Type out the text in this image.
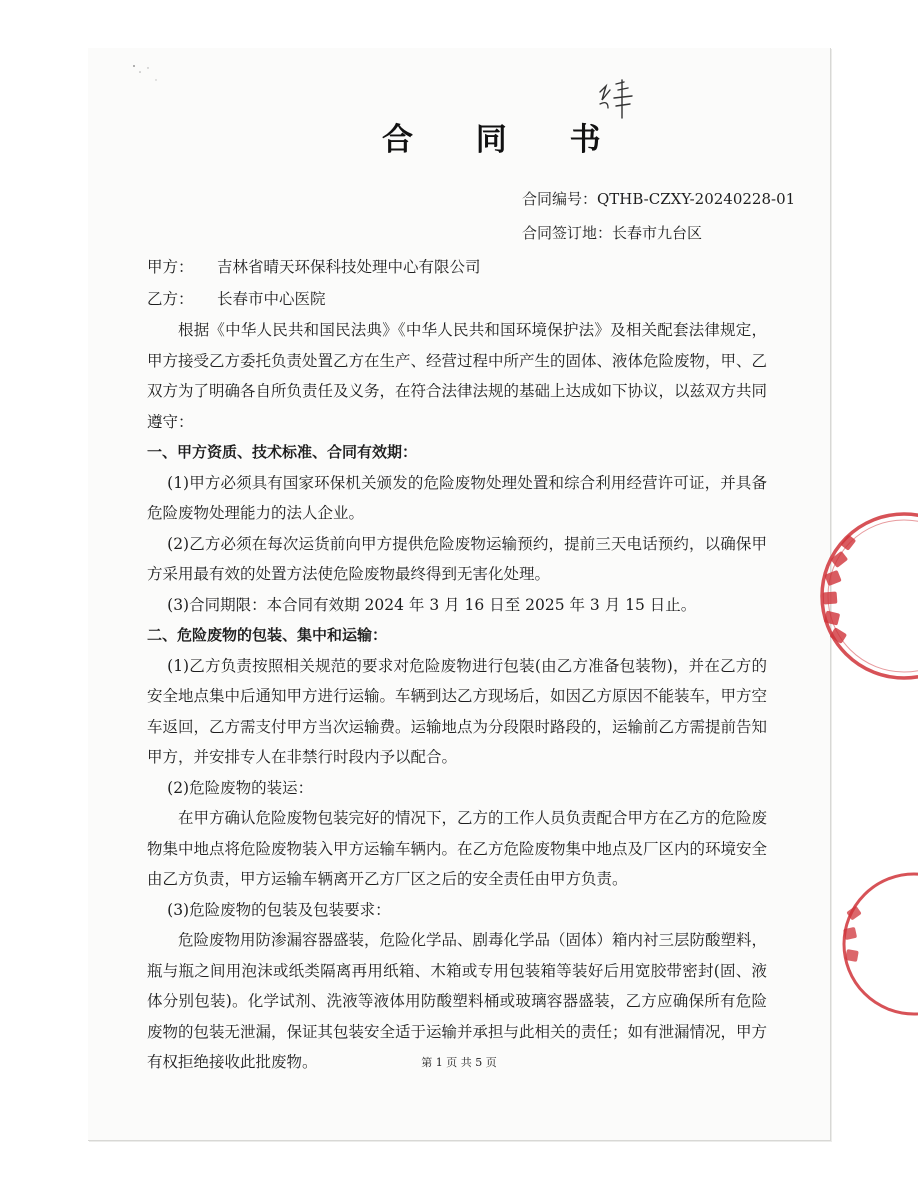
合 同 书
合同编号：QTHB-CZXY-20240228-01
合同签订地：长春市九台区
甲方： 吉林省晴天环保科技处理中心有限公司
乙方： 长春市中心医院

根据《中华人民共和国民法典》《中华人民共和国环境保护法》及相关配套法律规定，甲方接受乙方委托负责处置乙方在生产、经营过程中所产生的固体、液体危险废物，甲、乙双方为了明确各自所负责任及义务，在符合法律法规的基础上达成如下协议，以兹双方共同遵守：

一、甲方资质、技术标准、合同有效期：

(1)甲方必须具有国家环保机关颁发的危险废物处理处置和综合利用经营许可证，并具备危险废物处理能力的法人企业。

(2)乙方必须在每次运货前向甲方提供危险废物运输预约，提前三天电话预约，以确保甲方采用最有效的处置方法使危险废物最终得到无害化处理。

(3)合同期限：本合同有效期 2024 年 3 月 16 日至 2025 年 3 月 15 日止。

二、危险废物的包装、集中和运输：

(1)乙方负责按照相关规范的要求对危险废物进行包装(由乙方准备包装物)，并在乙方的安全地点集中后通知甲方进行运输。车辆到达乙方现场后，如因乙方原因不能装车，甲方空车返回，乙方需支付甲方当次运输费。运输地点为分段限时路段的，运输前乙方需提前告知甲方，并安排专人在非禁行时段内予以配合。

(2)危险废物的装运：

在甲方确认危险废物包装完好的情况下，乙方的工作人员负责配合甲方在乙方的危险废物集中地点将危险废物装入甲方运输车辆内。在乙方危险废物集中地点及厂区内的环境安全由乙方负责，甲方运输车辆离开乙方厂区之后的安全责任由甲方负责。

(3)危险废物的包装及包装要求：

危险废物用防渗漏容器盛装，危险化学品、剧毒化学品（固体）箱内衬三层防酸塑料，瓶与瓶之间用泡沫或纸类隔离再用纸箱、木箱或专用包装箱等装好后用宽胶带密封(固、液体分别包装)。化学试剂、洗液等液体用防酸塑料桶或玻璃容器盛装，乙方应确保所有危险废物的包装无泄漏，保证其包装安全适于运输并承担与此相关的责任；如有泄漏情况，甲方有权拒绝接收此批废物。	第 1 页 共 5 页
